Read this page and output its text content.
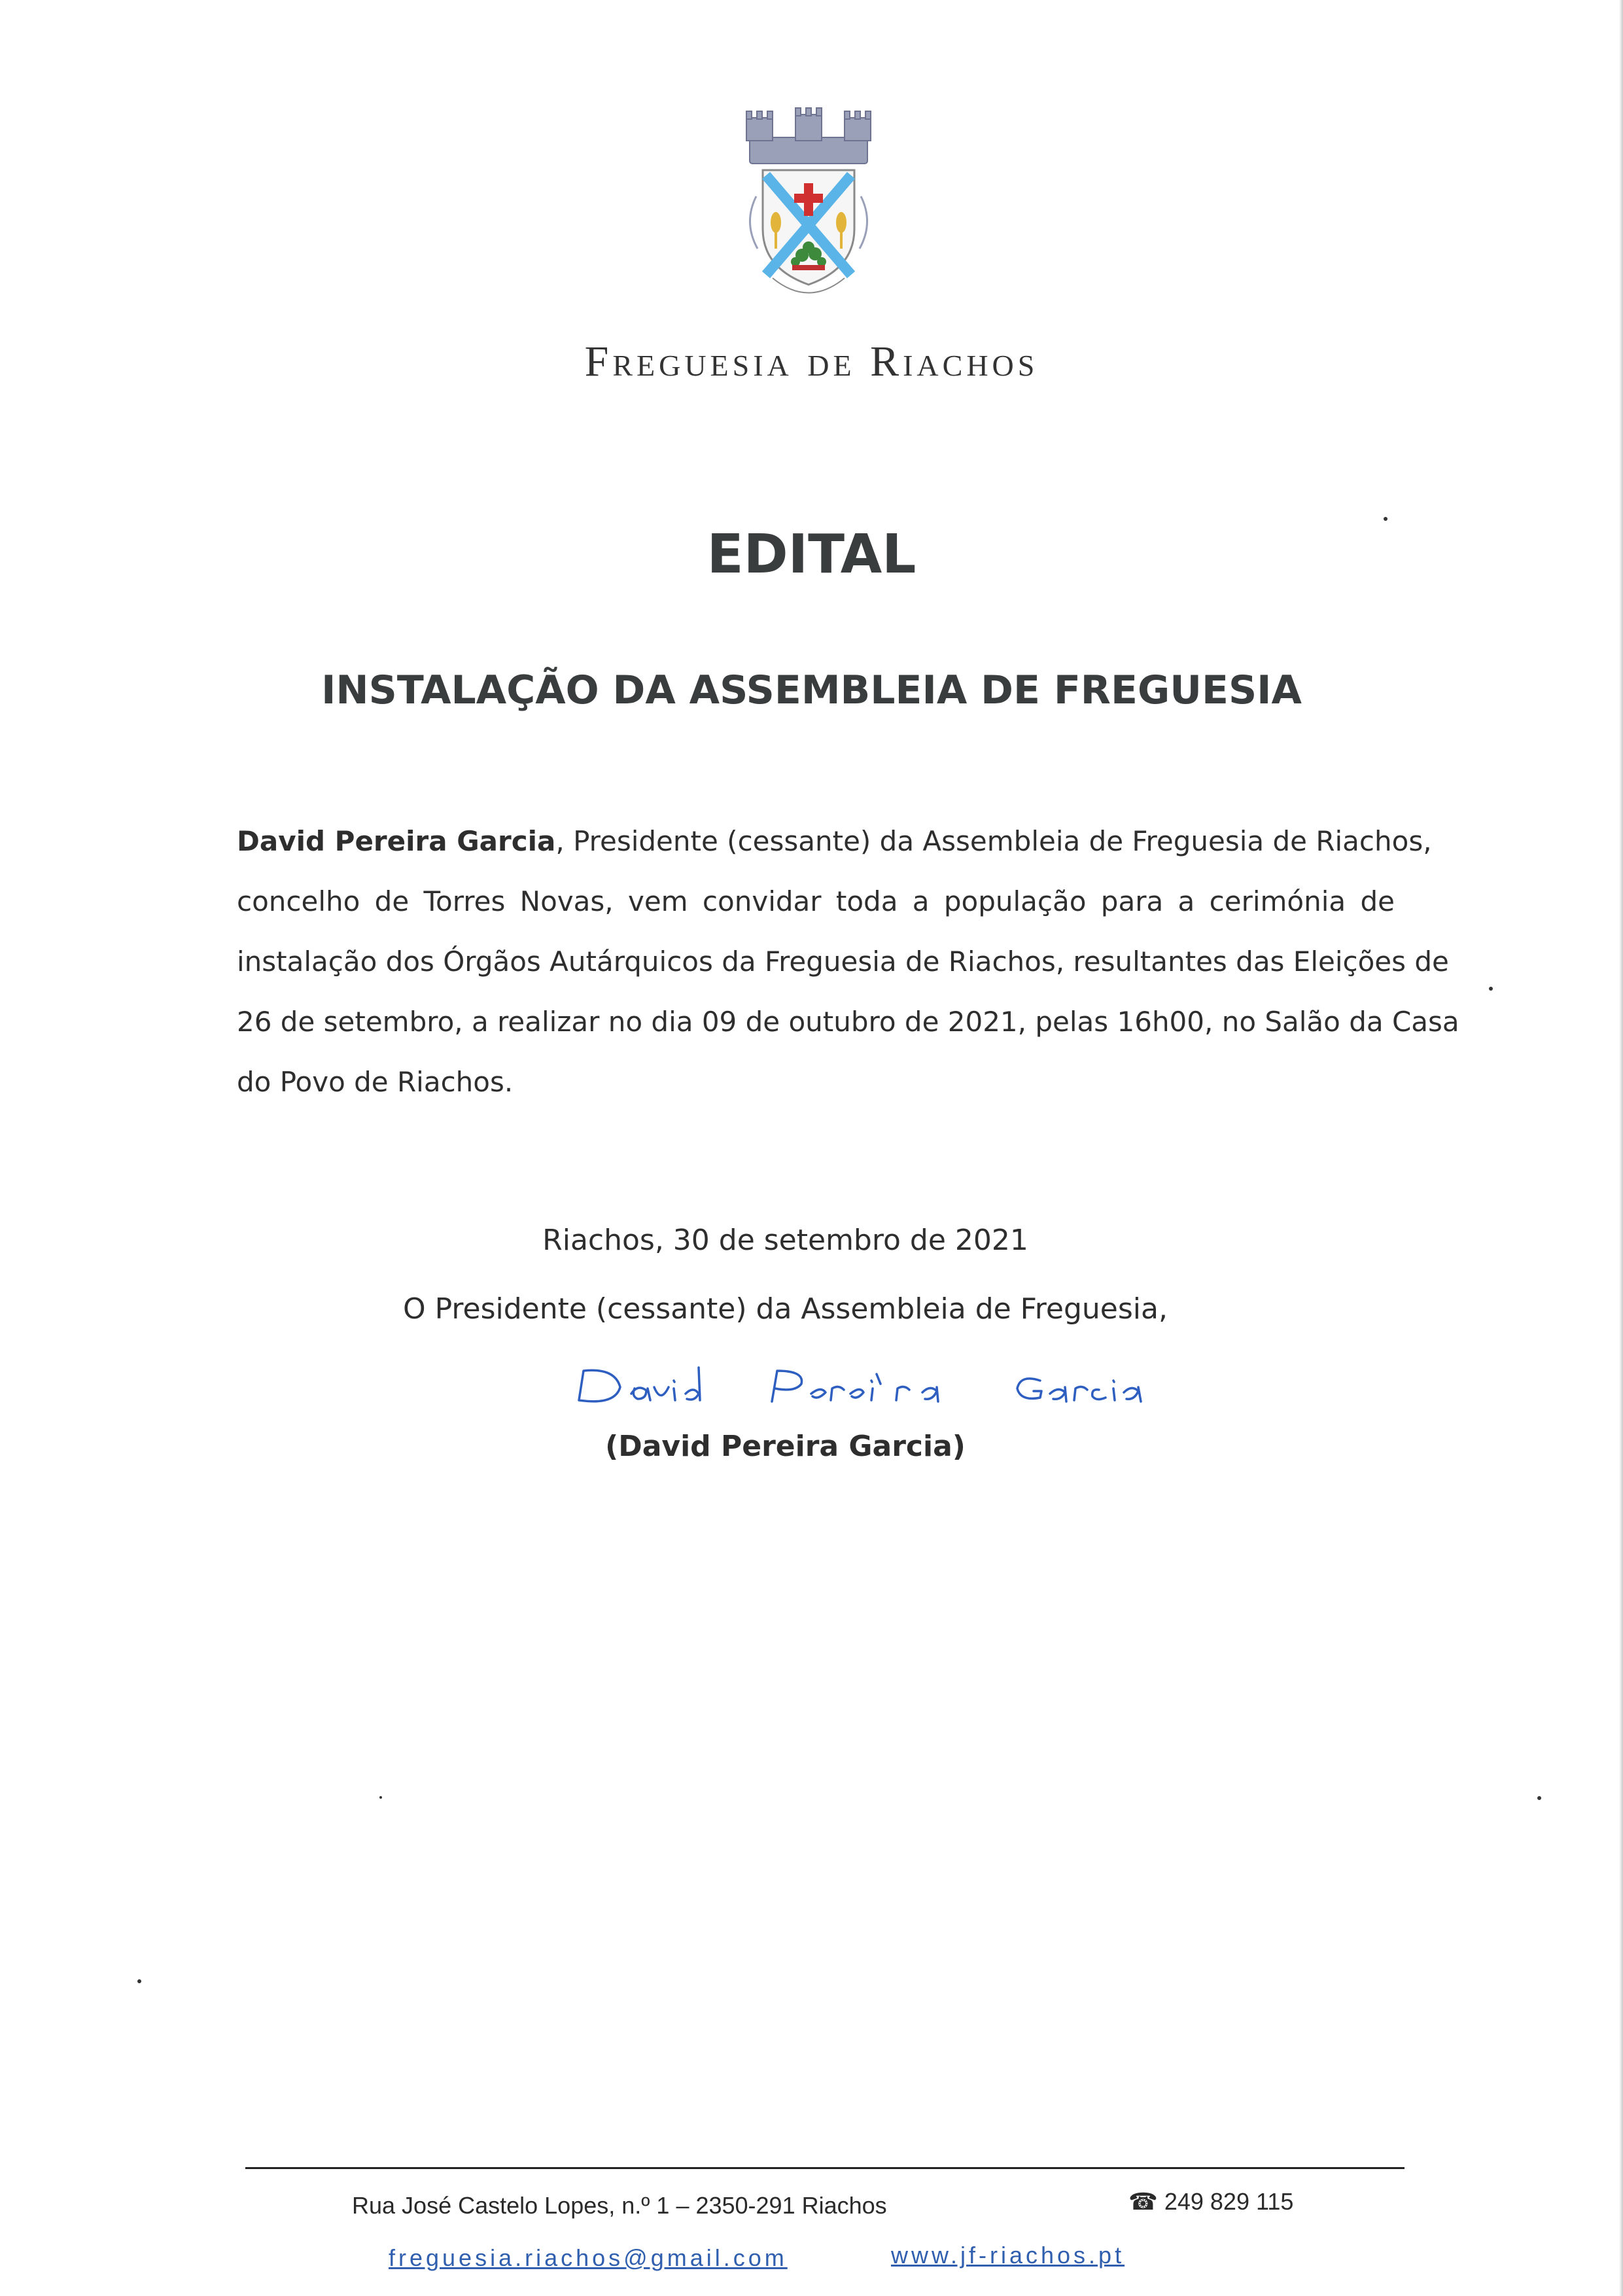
Freguesia de Riachos
EDITAL
INSTALAÇÃO DA ASSEMBLEIA DE FREGUESIA
David Pereira Garcia, Presidente (cessante) da Assembleia de Freguesia de Riachos,
concelho de Torres Novas, vem convidar toda a população para a cerimónia de
instalação dos Órgãos Autárquicos da Freguesia de Riachos, resultantes das Eleições de
26 de setembro, a realizar no dia 09 de outubro de 2021, pelas 16h00, no Salão da Casa
do Povo de Riachos.
Riachos, 30 de setembro de 2021
O Presidente (cessante) da Assembleia de Freguesia,
(David Pereira Garcia)
Rua José Castelo Lopes, n.º 1 – 2350-291 Riachos	☎ 249 829 115
freguesia.riachos@gmail.com	www.jf-riachos.pt
